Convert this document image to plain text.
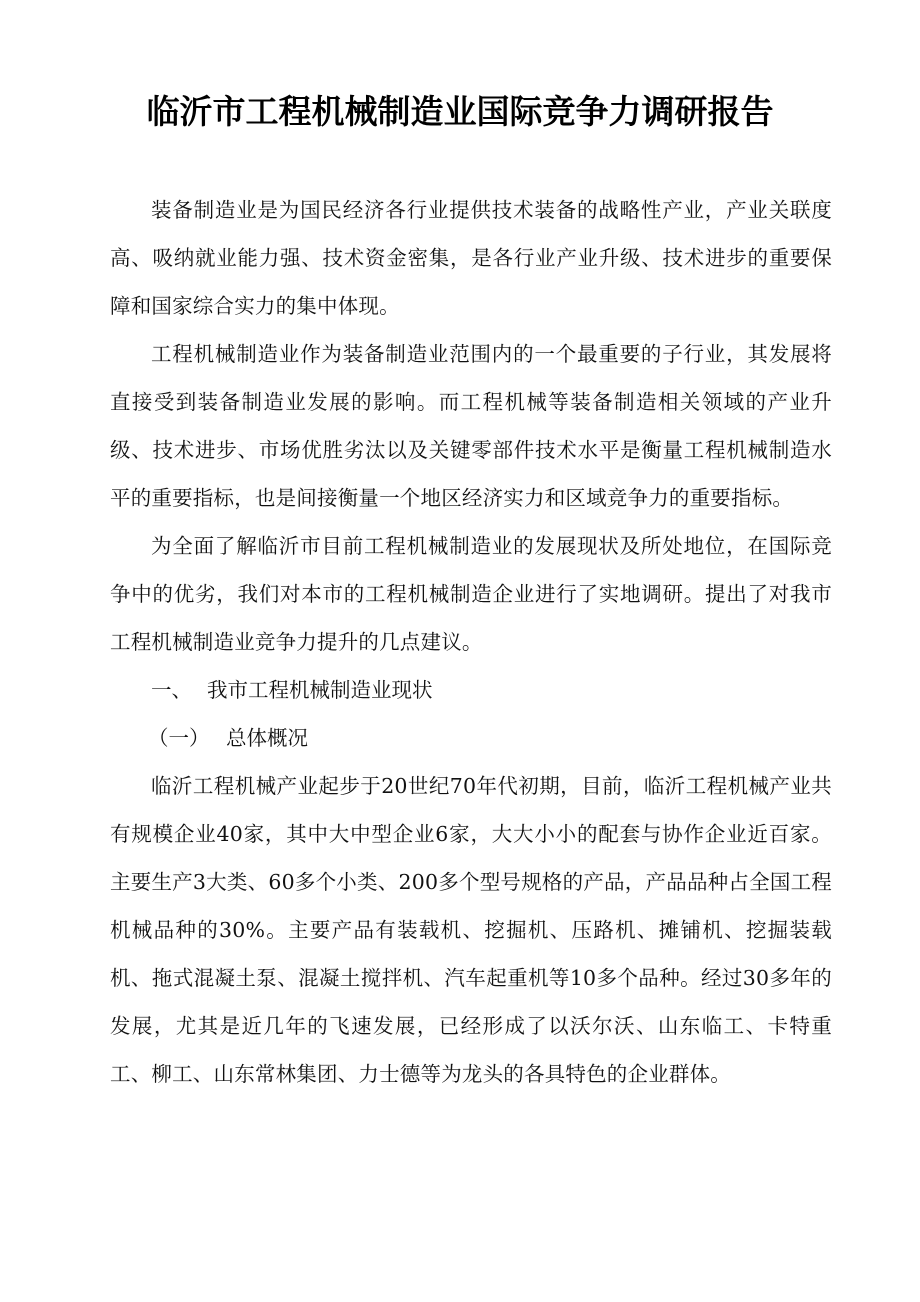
临沂市工程机械制造业国际竞争力调研报告

装备制造业是为国民经济各行业提供技术装备的战略性产业，产业关联度高、吸纳就业能力强、技术资金密集，是各行业产业升级、技术进步的重要保障和国家综合实力的集中体现。

工程机械制造业作为装备制造业范围内的一个最重要的子行业，其发展将直接受到装备制造业发展的影响。而工程机械等装备制造相关领域的产业升级、技术进步、市场优胜劣汰以及关键零部件技术水平是衡量工程机械制造水平的重要指标，也是间接衡量一个地区经济实力和区域竞争力的重要指标。

为全面了解临沂市目前工程机械制造业的发展现状及所处地位，在国际竞争中的优劣，我们对本市的工程机械制造企业进行了实地调研。提出了对我市工程机械制造业竞争力提升的几点建议。

一、 我市工程机械制造业现状

（一） 总体概况

临沂工程机械产业起步于20世纪70年代初期，目前，临沂工程机械产业共有规模企业40家，其中大中型企业6家，大大小小的配套与协作企业近百家。主要生产3大类、60多个小类、200多个型号规格的产品，产品品种占全国工程机械品种的30%。主要产品有装载机、挖掘机、压路机、摊铺机、挖掘装载机、拖式混凝土泵、混凝土搅拌机、汽车起重机等10多个品种。经过30多年的发展，尤其是近几年的飞速发展，已经形成了以沃尔沃、山东临工、卡特重工、柳工、山东常林集团、力士德等为龙头的各具特色的企业群体。
